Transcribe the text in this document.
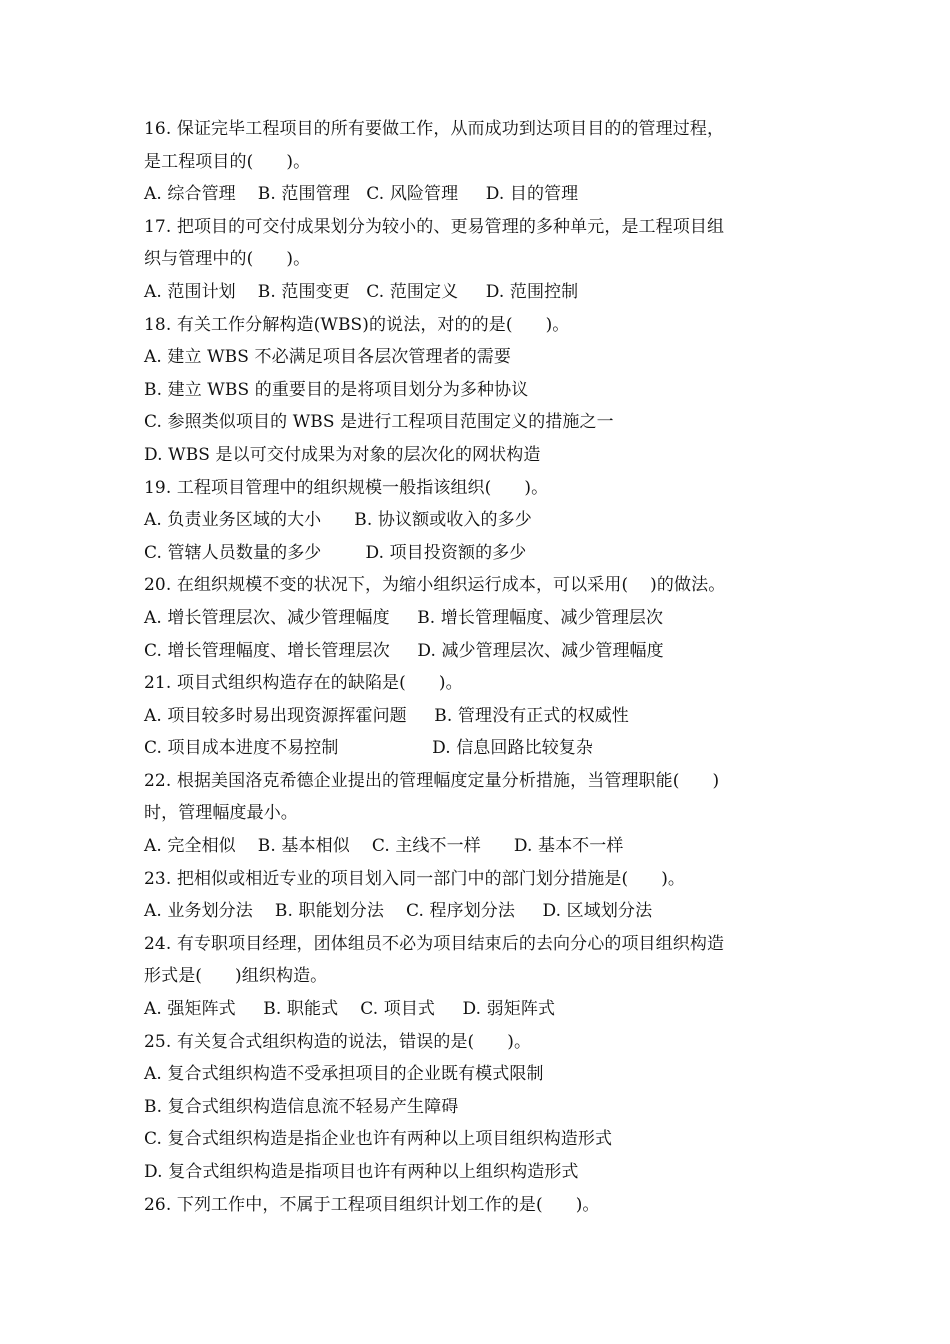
16. 保证完毕工程项目的所有要做工作，从而成功到达项目目的的管理过程，
是工程项目的(      )。
A. 综合管理    B. 范围管理   C. 风险管理     D. 目的管理
17. 把项目的可交付成果划分为较小的、更易管理的多种单元，是工程项目组
织与管理中的(      )。
A. 范围计划    B. 范围变更   C. 范围定义     D. 范围控制
18. 有关工作分解构造(WBS)的说法，对的的是(      )。
A. 建立 WBS 不必满足项目各层次管理者的需要
B. 建立 WBS 的重要目的是将项目划分为多种协议
C. 参照类似项目的 WBS 是进行工程项目范围定义的措施之一
D. WBS 是以可交付成果为对象的层次化的网状构造
19. 工程项目管理中的组织规模一般指该组织(      )。
A. 负责业务区域的大小      B. 协议额或收入的多少
C. 管辖人员数量的多少        D. 项目投资额的多少
20. 在组织规模不变的状况下，为缩小组织运行成本，可以采用(    )的做法。
A. 增长管理层次、减少管理幅度     B. 增长管理幅度、减少管理层次
C. 增长管理幅度、增长管理层次     D. 减少管理层次、减少管理幅度
21. 项目式组织构造存在的缺陷是(      )。
A. 项目较多时易出现资源挥霍问题     B. 管理没有正式的权威性
C. 项目成本进度不易控制                 D. 信息回路比较复杂
22. 根据美国洛克希德企业提出的管理幅度定量分析措施，当管理职能(      )
时，管理幅度最小。
A. 完全相似    B. 基本相似    C. 主线不一样      D. 基本不一样
23. 把相似或相近专业的项目划入同一部门中的部门划分措施是(      )。
A. 业务划分法    B. 职能划分法    C. 程序划分法     D. 区域划分法
24. 有专职项目经理，团体组员不必为项目结束后的去向分心的项目组织构造
形式是(      )组织构造。
A. 强矩阵式     B. 职能式    C. 项目式     D. 弱矩阵式
25. 有关复合式组织构造的说法，错误的是(      )。
A. 复合式组织构造不受承担项目的企业既有模式限制
B. 复合式组织构造信息流不轻易产生障碍
C. 复合式组织构造是指企业也许有两种以上项目组织构造形式
D. 复合式组织构造是指项目也许有两种以上组织构造形式
26. 下列工作中，不属于工程项目组织计划工作的是(      )。
